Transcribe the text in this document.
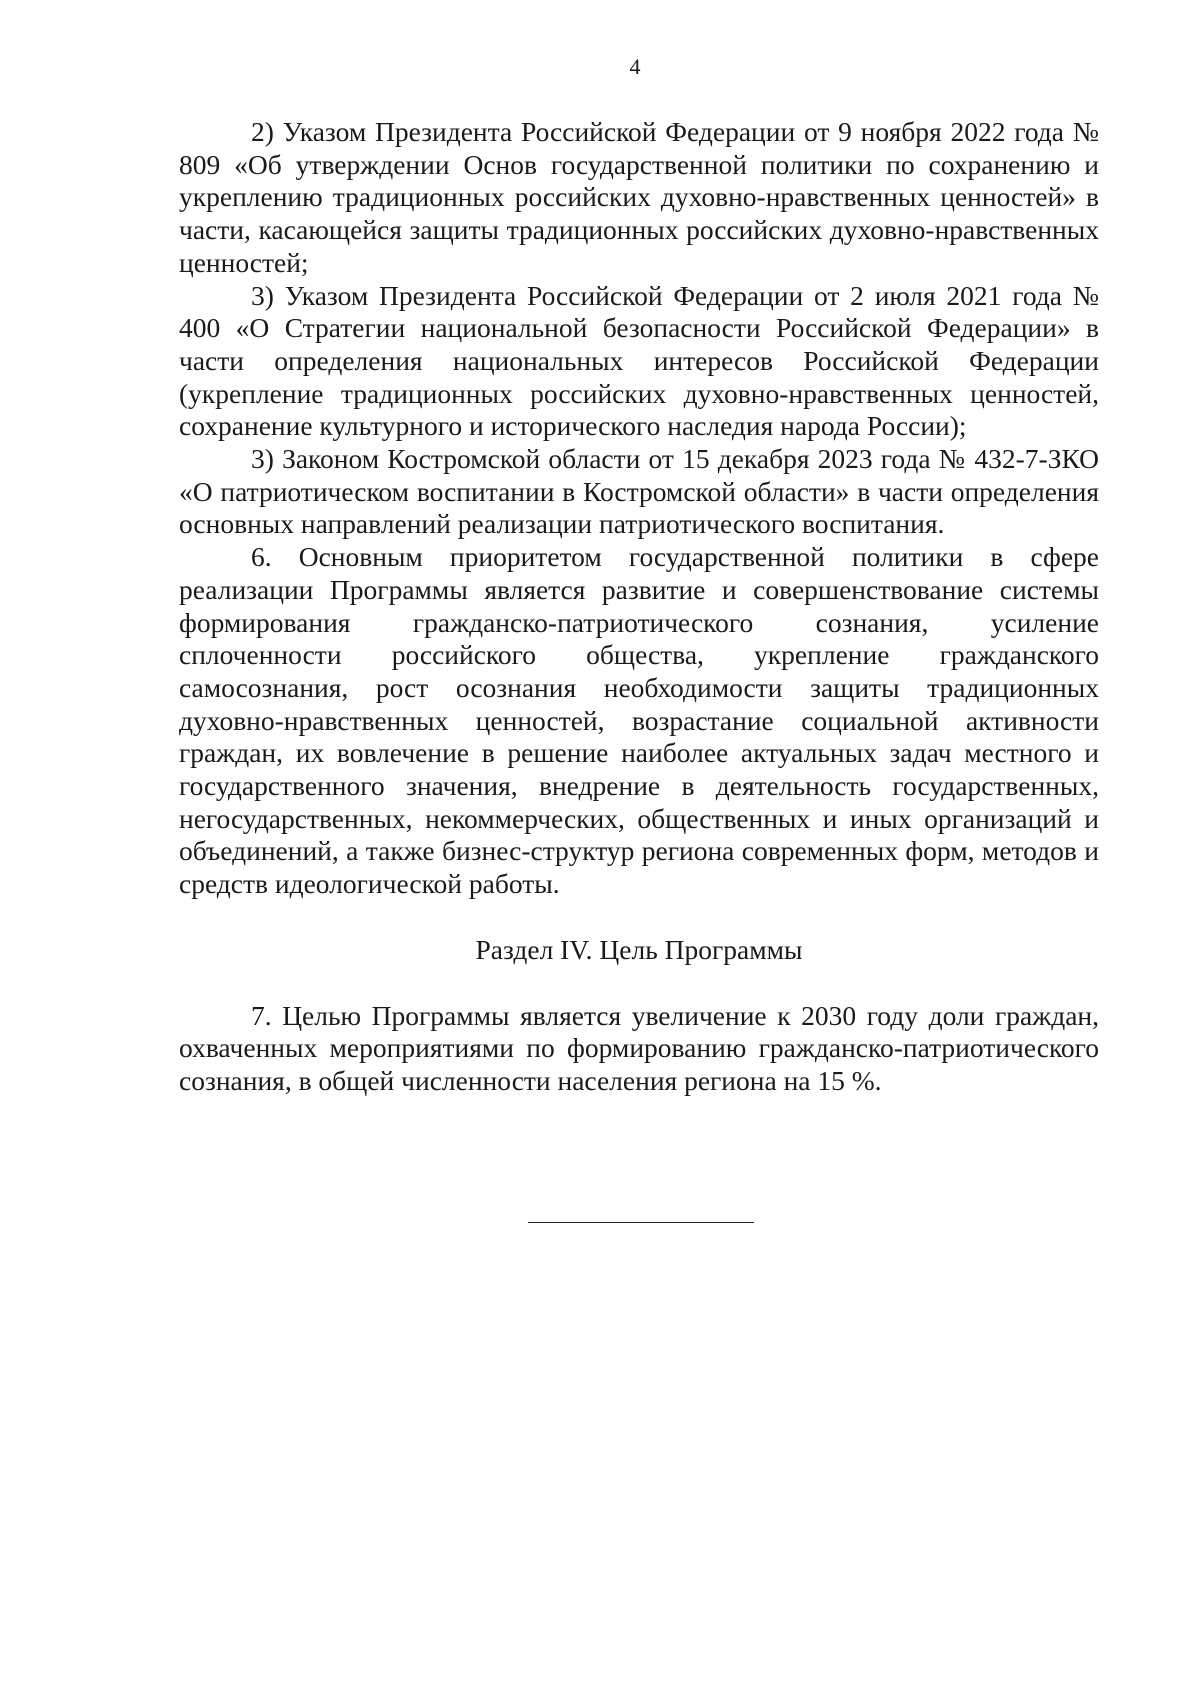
4

2) Указом Президента Российской Федерации от 9 ноября 2022 года № 809 «Об утверждении Основ государственной политики по сохранению и укреплению традиционных российских духовно-нравственных ценностей» в части, касающейся защиты традиционных российских духовно-нравственных ценностей;

3) Указом Президента Российской Федерации от 2 июля 2021 года № 400 «О Стратегии национальной безопасности Российской Федерации» в части определения национальных интересов Российской Федерации (укрепление традиционных российских духовно-нравственных ценностей, сохранение культурного и исторического наследия народа России);

3) Законом Костромской области от 15 декабря 2023 года № 432-7-ЗКО «О патриотическом воспитании в Костромской области» в части определения основных направлений реализации патриотического воспитания.

6. Основным приоритетом государственной политики в сфере реализации Программы является развитие и совершенствование системы формирования гражданско-патриотического сознания, усиление сплоченности российского общества, укрепление гражданского самосознания, рост осознания необходимости защиты традиционных духовно-нравственных ценностей, возрастание социальной активности граждан, их вовлечение в решение наиболее актуальных задач местного и государственного значения, внедрение в деятельность государственных, негосударственных, некоммерческих, общественных и иных организаций и объединений, а также бизнес-структур региона современных форм, методов и средств идеологической работы.

Раздел IV. Цель Программы

7. Целью Программы является увеличение к 2030 году доли граждан, охваченных мероприятиями по формированию гражданско-патриотического сознания, в общей численности населения региона на 15 %.
